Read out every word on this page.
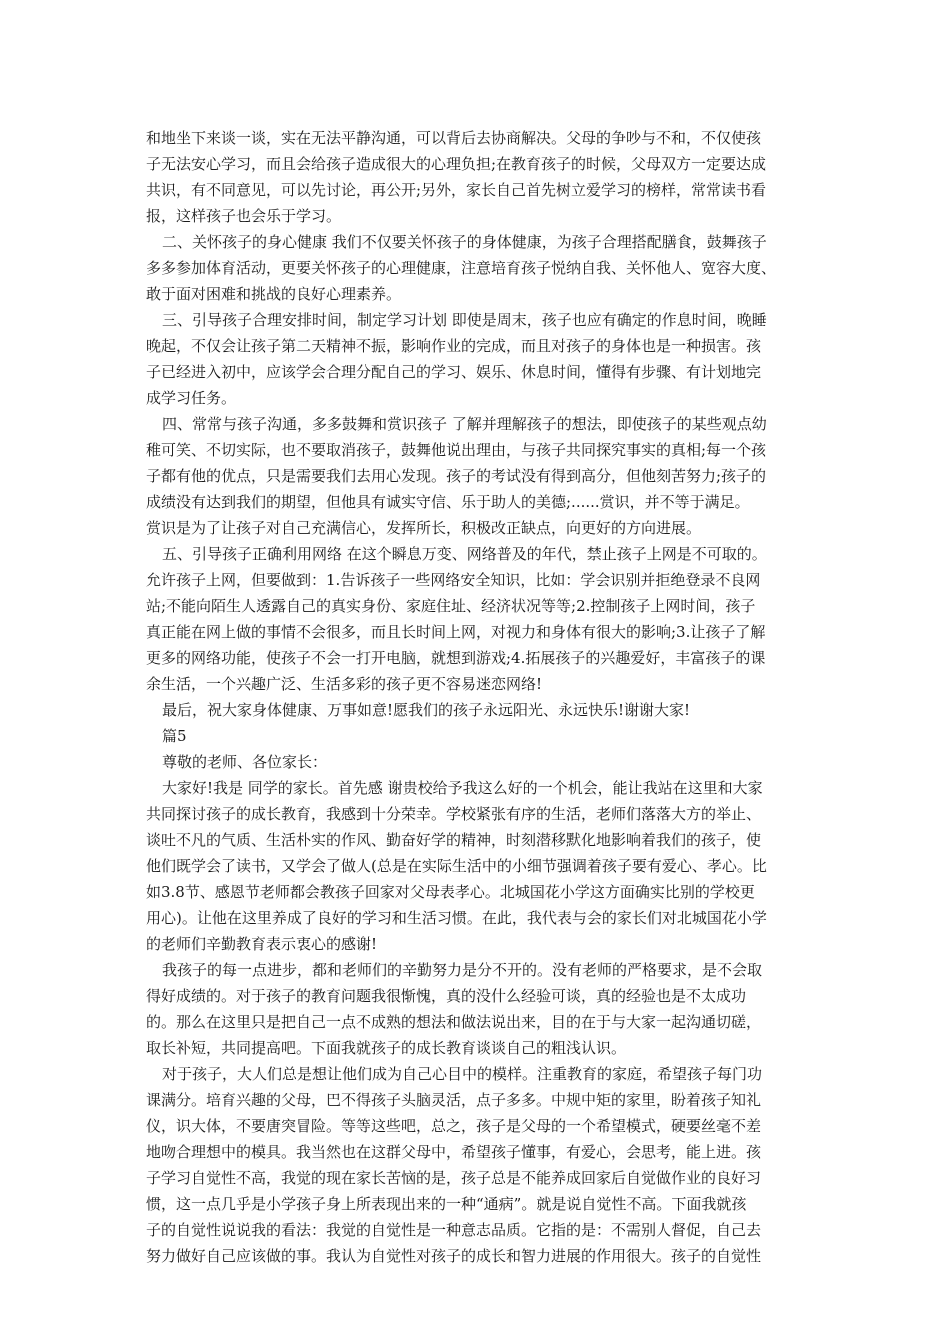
和地坐下来谈一谈，实在无法平静沟通，可以背后去协商解决。父母的争吵与不和，不仅使孩
子无法安心学习，而且会给孩子造成很大的心理负担;在教育孩子的时候，父母双方一定要达成
共识，有不同意见，可以先讨论，再公开;另外，家长自己首先树立爱学习的榜样，常常读书看
报，这样孩子也会乐于学习。
二、关怀孩子的身心健康 我们不仅要关怀孩子的身体健康，为孩子合理搭配膳食，鼓舞孩子
多多参加体育活动，更要关怀孩子的心理健康，注意培育孩子悦纳自我、关怀他人、宽容大度、
敢于面对困难和挑战的良好心理素养。
三、引导孩子合理安排时间，制定学习计划 即使是周末，孩子也应有确定的作息时间，晚睡
晚起，不仅会让孩子第二天精神不振，影响作业的完成，而且对孩子的身体也是一种损害。孩
子已经进入初中，应该学会合理分配自己的学习、娱乐、休息时间，懂得有步骤、有计划地完
成学习任务。
四、常常与孩子沟通，多多鼓舞和赏识孩子 了解并理解孩子的想法，即使孩子的某些观点幼
稚可笑、不切实际，也不要取消孩子，鼓舞他说出理由，与孩子共同探究事实的真相;每一个孩
子都有他的优点，只是需要我们去用心发现。孩子的考试没有得到高分，但他刻苦努力;孩子的
成绩没有达到我们的期望，但他具有诚实守信、乐于助人的美德;......赏识，并不等于满足。
赏识是为了让孩子对自己充满信心，发挥所长，积极改正缺点，向更好的方向进展。
五、引导孩子正确利用网络 在这个瞬息万变、网络普及的年代，禁止孩子上网是不可取的。
允许孩子上网，但要做到：1.告诉孩子一些网络安全知识，比如：学会识别并拒绝登录不良网
站;不能向陌生人透露自己的真实身份、家庭住址、经济状况等等;2.控制孩子上网时间，孩子
真正能在网上做的事情不会很多，而且长时间上网，对视力和身体有很大的影响;3.让孩子了解
更多的网络功能，使孩子不会一打开电脑，就想到游戏;4.拓展孩子的兴趣爱好，丰富孩子的课
余生活，一个兴趣广泛、生活多彩的孩子更不容易迷恋网络!
最后，祝大家身体健康、万事如意!愿我们的孩子永远阳光、永远快乐!谢谢大家!
篇5
尊敬的老师、各位家长：
大家好!我是 同学的家长。首先感 谢贵校给予我这么好的一个机会，能让我站在这里和大家
共同探讨孩子的成长教育，我感到十分荣幸。学校紧张有序的生活，老师们落落大方的举止、
谈吐不凡的气质、生活朴实的作风、勤奋好学的精神，时刻潜移默化地影响着我们的孩子，使
他们既学会了读书，又学会了做人(总是在实际生活中的小细节强调着孩子要有爱心、孝心。比
如3.8节、感恩节老师都会教孩子回家对父母表孝心。北城国花小学这方面确实比别的学校更
用心)。让他在这里养成了良好的学习和生活习惯。在此，我代表与会的家长们对北城国花小学
的老师们辛勤教育表示衷心的感谢!
我孩子的每一点进步，都和老师们的辛勤努力是分不开的。没有老师的严格要求，是不会取
得好成绩的。对于孩子的教育问题我很惭愧，真的没什么经验可谈，真的经验也是不太成功
的。那么在这里只是把自己一点不成熟的想法和做法说出来，目的在于与大家一起沟通切磋，
取长补短，共同提高吧。下面我就孩子的成长教育谈谈自己的粗浅认识。
对于孩子，大人们总是想让他们成为自己心目中的模样。注重教育的家庭，希望孩子每门功
课满分。培育兴趣的父母，巴不得孩子头脑灵活，点子多多。中规中矩的家里，盼着孩子知礼
仪，识大体，不要唐突冒险。等等这些吧，总之，孩子是父母的一个希望模式，硬要丝毫不差
地吻合理想中的模具。我当然也在这群父母中，希望孩子懂事，有爱心，会思考，能上进。孩
子学习自觉性不高，我觉的现在家长苦恼的是，孩子总是不能养成回家后自觉做作业的良好习
惯，这一点几乎是小学孩子身上所表现出来的一种“通病”。就是说自觉性不高。下面我就孩
子的自觉性说说我的看法：我觉的自觉性是一种意志品质。它指的是：不需别人督促，自己去
努力做好自己应该做的事。我认为自觉性对孩子的成长和智力进展的作用很大。孩子的自觉性
